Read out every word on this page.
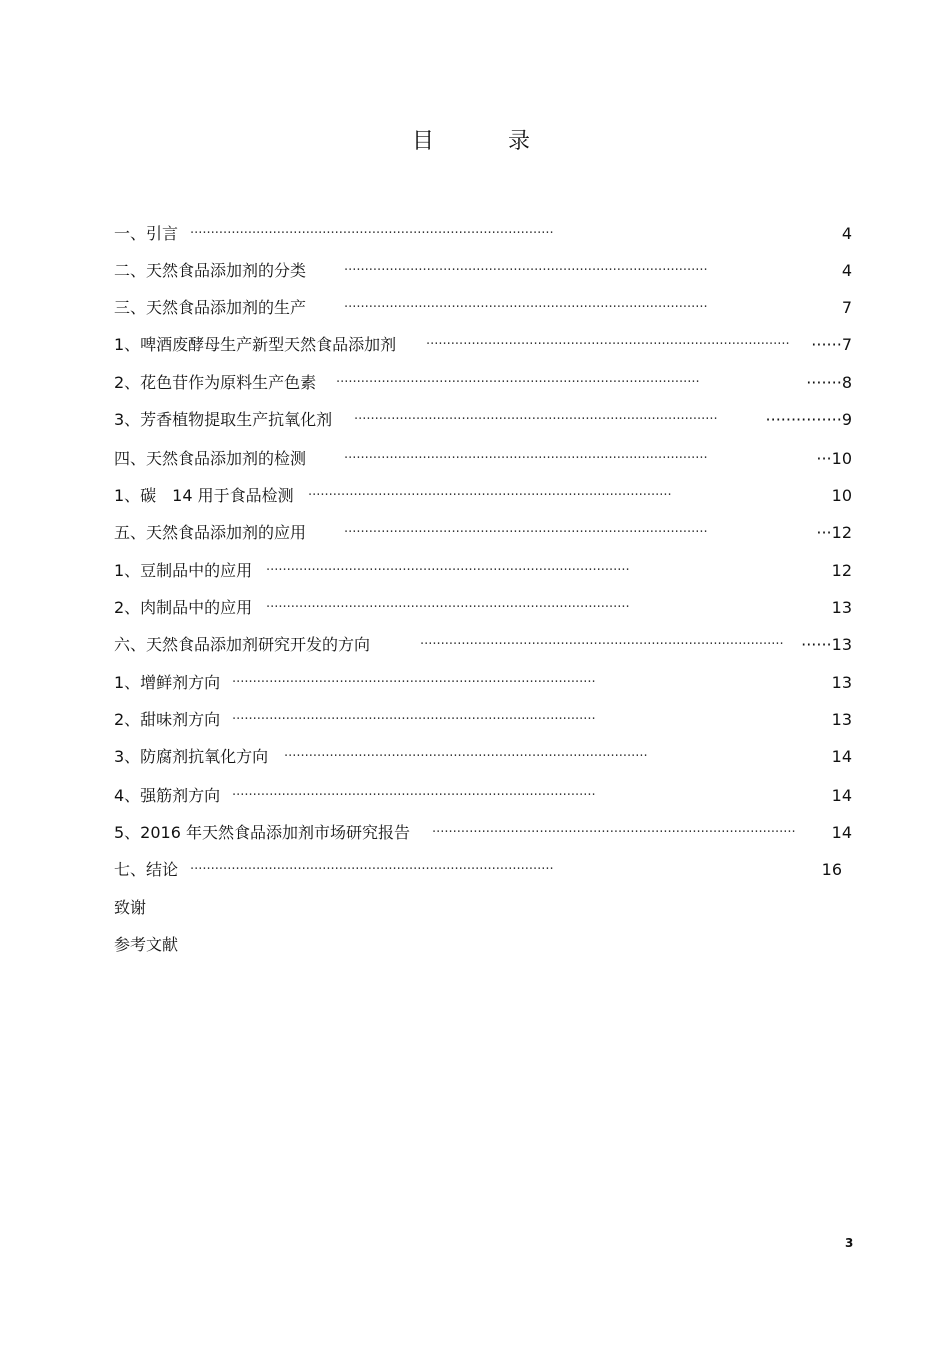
目　录
一、引言 ························································································	4
二、天然食品添加剂的分类	························································································	4
三、天然食品添加剂的生产	························································································	7
1、啤酒废酵母生产新型天然食品添加剂 ························································································	······7
2、花色苷作为原料生产色素 ························································································	·······8
3、芳香植物提取生产抗氧化剂 ························································································	···············9
四、天然食品添加剂的检测	························································································	···10
1、碳　14 用于食品检测 ························································································	10
五、天然食品添加剂的应用	························································································	···12
1、豆制品中的应用 ························································································	12
2、肉制品中的应用 ························································································	13
六、天然食品添加剂研究开发的方向	························································································	······13
1、增鲜剂方向 ························································································	13
2、甜味剂方向 ························································································	13
3、防腐剂抗氧化方向 ························································································	14
4、强筋剂方向 ························································································	14
5、2016 年天然食品添加剂市场研究报告 ························································································	14
七、结论 ························································································	16
致谢
参考文献
3
